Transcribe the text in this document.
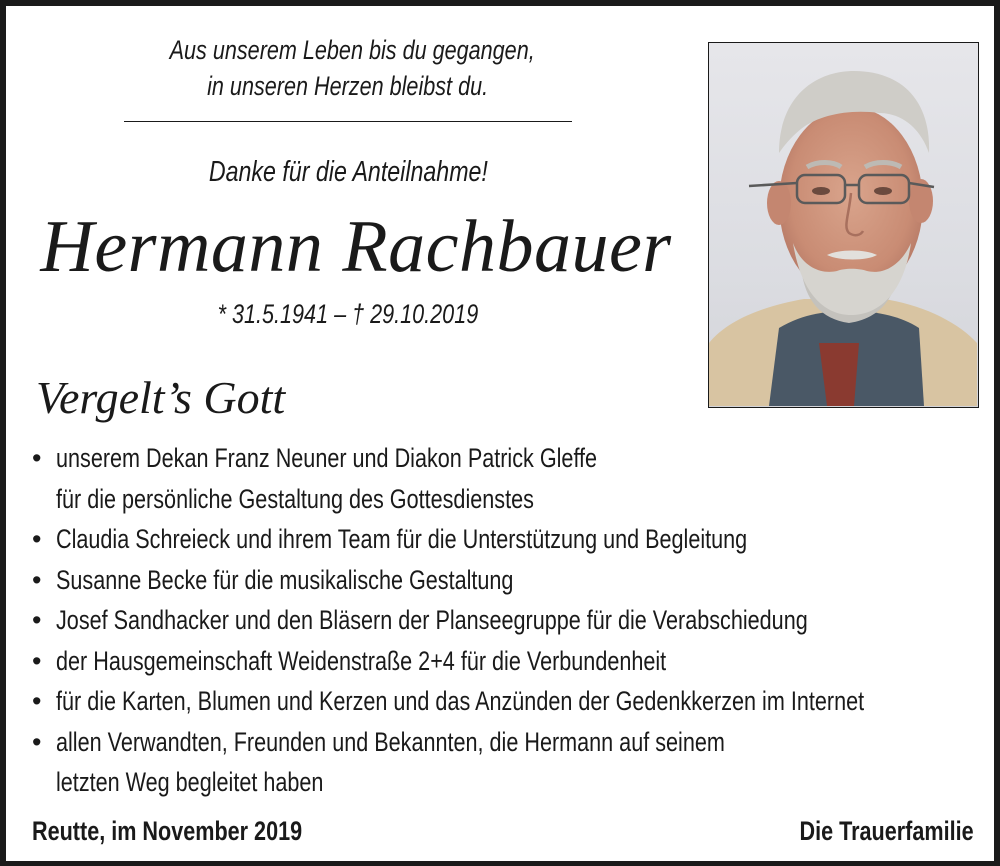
Aus unserem Leben bis du gegangen,
in unseren Herzen bleibst du.
Danke für die Anteilnahme!
Hermann Rachbauer
* 31.5.1941 – † 29.10.2019
Vergelt’s Gott
• unserem Dekan Franz Neuner und Diakon Patrick Gleffe
für die persönliche Gestaltung des Gottesdienstes
• Claudia Schreieck und ihrem Team für die Unterstützung und Begleitung
• Susanne Becke für die musikalische Gestaltung
• Josef Sandhacker und den Bläsern der Planseegruppe für die Verabschiedung
• der Hausgemeinschaft Weidenstraße 2+4 für die Verbundenheit
• für die Karten, Blumen und Kerzen und das Anzünden der Gedenkkerzen im Internet
• allen Verwandten, Freunden und Bekannten, die Hermann auf seinem
letzten Weg begleitet haben
Reutte, im November 2019	Die Trauerfamilie
